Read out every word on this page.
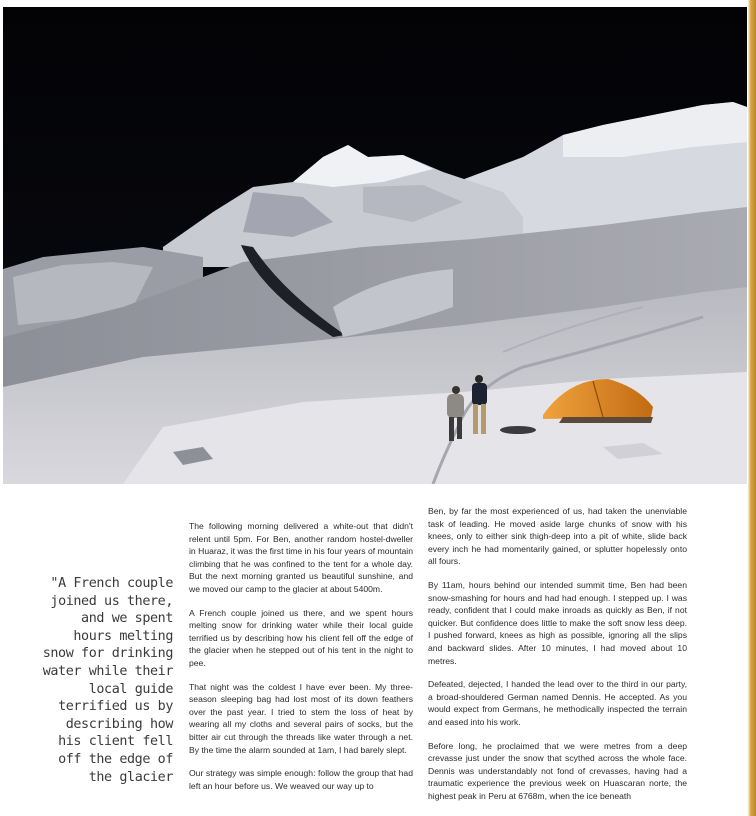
"A French couple joined us there, and we spent hours melting snow for drinking water while their local guide terrified us by describing how his client fell off the edge of the glacier

The following morning delivered a white-out that didn't relent until 5pm. For Ben, another random hostel-dweller in Huaraz, it was the first time in his four years of mountain climbing that he was confined to the tent for a whole day. But the next morning granted us beautiful sunshine, and we moved our camp to the glacier at about 5400m.

A French couple joined us there, and we spent hours melting snow for drinking water while their local guide terrified us by describing how his client fell off the edge of the glacier when he stepped out of his tent in the night to pee.

That night was the coldest I have ever been. My three-season sleeping bag had lost most of its down feathers over the past year. I tried to stem the loss of heat by wearing all my cloths and several pairs of socks, but the bitter air cut through the threads like water through a net. By the time the alarm sounded at 1am, I had barely slept.

Our strategy was simple enough: follow the group that had left an hour before us. We weaved our way up to

Ben, by far the most experienced of us, had taken the unenviable task of leading. He moved aside large chunks of snow with his knees, only to either sink thigh-deep into a pit of white, slide back every inch he had momentarily gained, or splutter hopelessly onto all fours.

By 11am, hours behind our intended summit time, Ben had been snow-smashing for hours and had had enough. I stepped up. I was ready, confident that I could make inroads as quickly as Ben, if not quicker. But confidence does little to make the soft snow less deep. I pushed forward, knees as high as possible, ignoring all the slips and backward slides. After 10 minutes, I had moved about 10 metres.

Defeated, dejected, I handed the lead over to the third in our party, a broad-shouldered German named Dennis. He accepted. As you would expect from Germans, he methodically inspected the terrain and eased into his work.

Before long, he proclaimed that we were metres from a deep crevasse just under the snow that scythed across the whole face. Dennis was understandably not fond of crevasses, having had a traumatic experience the previous week on Huascaran norte, the highest peak in Peru at 6768m, when the ice beneath
